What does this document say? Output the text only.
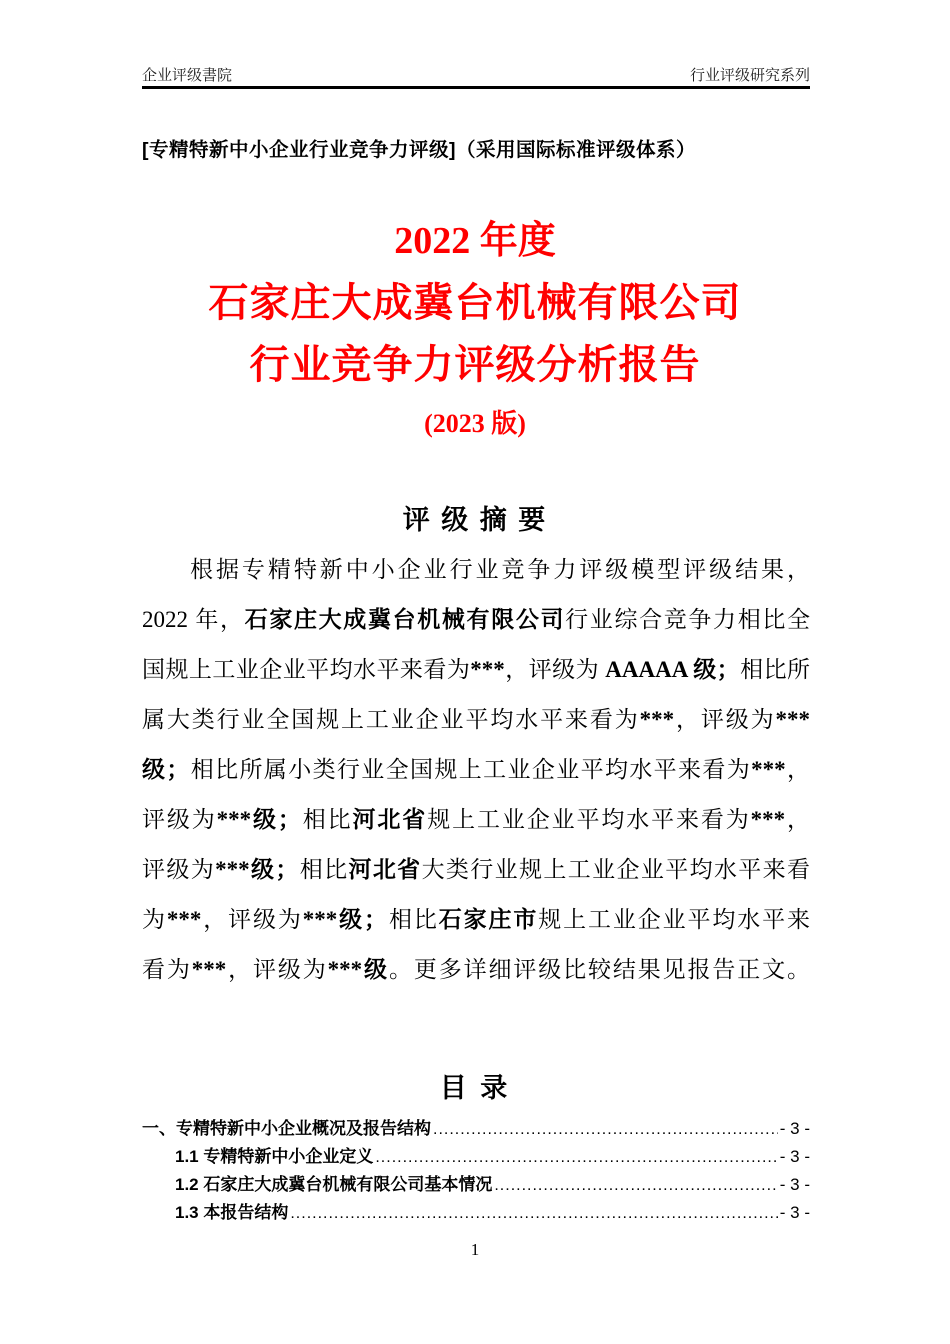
企业评级書院	行业评级研究系列
[专精特新中小企业行业竞争力评级]（采用国际标准评级体系）
2022 年度
石家庄大成冀台机械有限公司
行业竞争力评级分析报告
(2023 版)
评 级 摘 要
根据专精特新中小企业行业竞争力评级模型评级结果，
2022 年，石家庄大成冀台机械有限公司行业综合竞争力相比全
国规上工业企业平均水平来看为***，评级为 AAAAA 级；相比所
属大类行业全国规上工业企业平均水平来看为***，评级为***
级；相比所属小类行业全国规上工业企业平均水平来看为***，
评级为***级；相比河北省规上工业企业平均水平来看为***，
评级为***级；相比河北省大类行业规上工业企业平均水平来看
为***，评级为***级；相比石家庄市规上工业企业平均水平来
看为***，评级为***级。更多详细评级比较结果见报告正文。
目 录
一、专精特新中小企业概况及报告结构 .....	- 3 -
1.1 专精特新中小企业定义 .....	- 3 -
1.2 石家庄大成冀台机械有限公司基本情况 .....	- 3 -
1.3 本报告结构 .....	- 3 -
1
